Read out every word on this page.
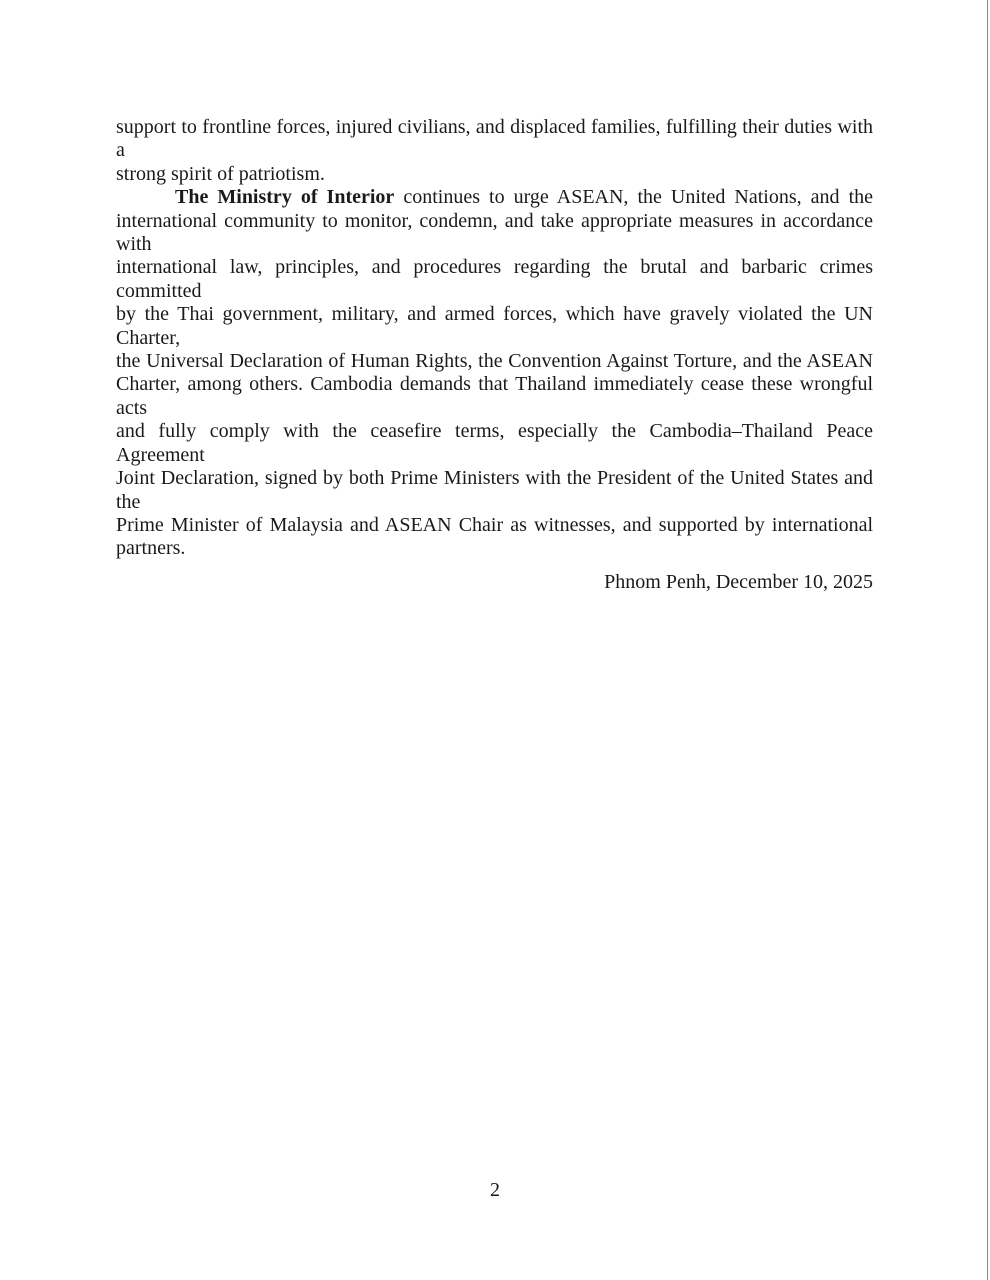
support to frontline forces, injured civilians, and displaced families, fulfilling their duties with a
strong spirit of patriotism.
The Ministry of Interior continues to urge ASEAN, the United Nations, and the
international community to monitor, condemn, and take appropriate measures in accordance with
international law, principles, and procedures regarding the brutal and barbaric crimes committed
by the Thai government, military, and armed forces, which have gravely violated the UN Charter,
the Universal Declaration of Human Rights, the Convention Against Torture, and the ASEAN
Charter, among others. Cambodia demands that Thailand immediately cease these wrongful acts
and fully comply with the ceasefire terms, especially the Cambodia–Thailand Peace Agreement
Joint Declaration, signed by both Prime Ministers with the President of the United States and the
Prime Minister of Malaysia and ASEAN Chair as witnesses, and supported by international
partners.
Phnom Penh, December 10, 2025
2
